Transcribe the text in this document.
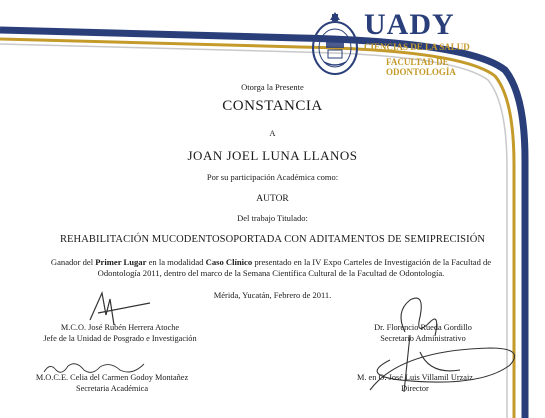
UADY
CIENCIAS DE LA SALUD
FACULTAD DE
ODONTOLOGÍA
Otorga la Presente
CONSTANCIA
A
JOAN JOEL LUNA LLANOS
Por su participación Académica como:
AUTOR
Del trabajo Titulado:
REHABILITACIÓN MUCODENTOSOPORTADA CON ADITAMENTOS DE SEMIPRECISIÓN
Ganador del Primer Lugar en la modalidad Caso Clínico presentado en la IV Expo Carteles de Investigación de la Facultad de Odontología 2011, dentro del marco de la Semana Científica Cultural de la Facultad de Odontología.
Mérida, Yucatán, Febrero de 2011.
M.C.O. José Rubén Herrera Atoche
Jefe de la Unidad de Posgrado e Investigación
Dr. Florencio Rueda Gordillo
Secretario Administrativo
M.O.C.E. Celia del Carmen Godoy Montañez
Secretaria Académica
M. en O. José Luis Villamil Urzaiz
Director
